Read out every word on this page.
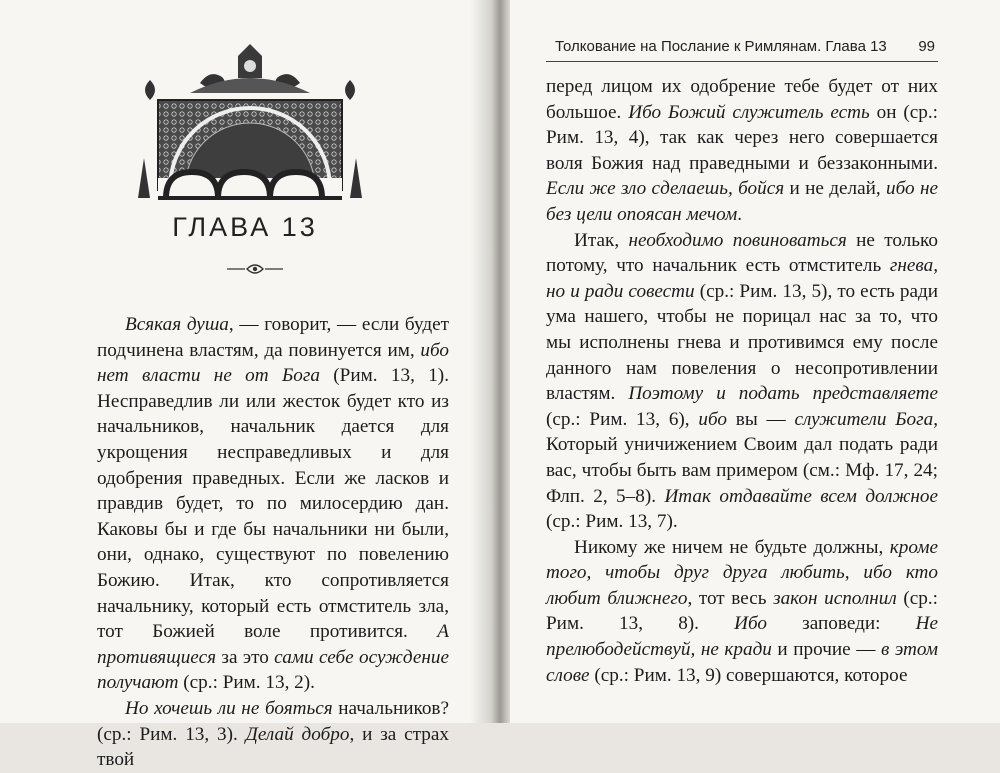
ГЛАВА 13

Всякая душа, — говорит, — если будет подчинена властям, да повинуется им, ибо нет власти не от Бога (Рим. 13, 1). Несправедлив ли или жесток будет кто из начальников, начальник дается для укрощения несправедливых и для одобрения праведных. Если же ласков и правдив будет, то по милосердию дан. Каковы бы и где бы начальники ни были, они, однако, существуют по повелению Божию. Итак, кто сопротивляется начальнику, который есть отмститель зла, тот Божией воле противится. А противящиеся за это сами себе осуждение получают (ср.: Рим. 13, 2).

Но хочешь ли не бояться начальников? (ср.: Рим. 13, 3). Делай добро, и за страх твой

Толкование на Послание к Римлянам. Глава 13 99

перед лицом их одобрение тебе будет от них большое. Ибо Божий служитель есть он (ср.: Рим. 13, 4), так как через него совершается воля Божия над праведными и беззаконными. Если же зло сделаешь, бойся и не делай, ибо не без цели опоясан мечом.

Итак, необходимо повиноваться не только потому, что начальник есть отмститель гнева, но и ради совести (ср.: Рим. 13, 5), то есть ради ума нашего, чтобы не порицал нас за то, что мы исполнены гнева и противимся ему после данного нам повеления о несопротивлении властям. Поэтому и подать представляете (ср.: Рим. 13, 6), ибо вы — служители Бога, Который уничижением Своим дал подать ради вас, чтобы быть вам примером (см.: Мф. 17, 24; Флп. 2, 5–8). Итак отдавайте всем должное (ср.: Рим. 13, 7).

Никому же ничем не будьте должны, кроме того, чтобы друг друга любить, ибо кто любит ближнего, тот весь закон исполнил (ср.: Рим. 13, 8). Ибо заповеди: Не прелюбодействуй, не кради и прочие — в этом слове (ср.: Рим. 13, 9) совершаются, которое
